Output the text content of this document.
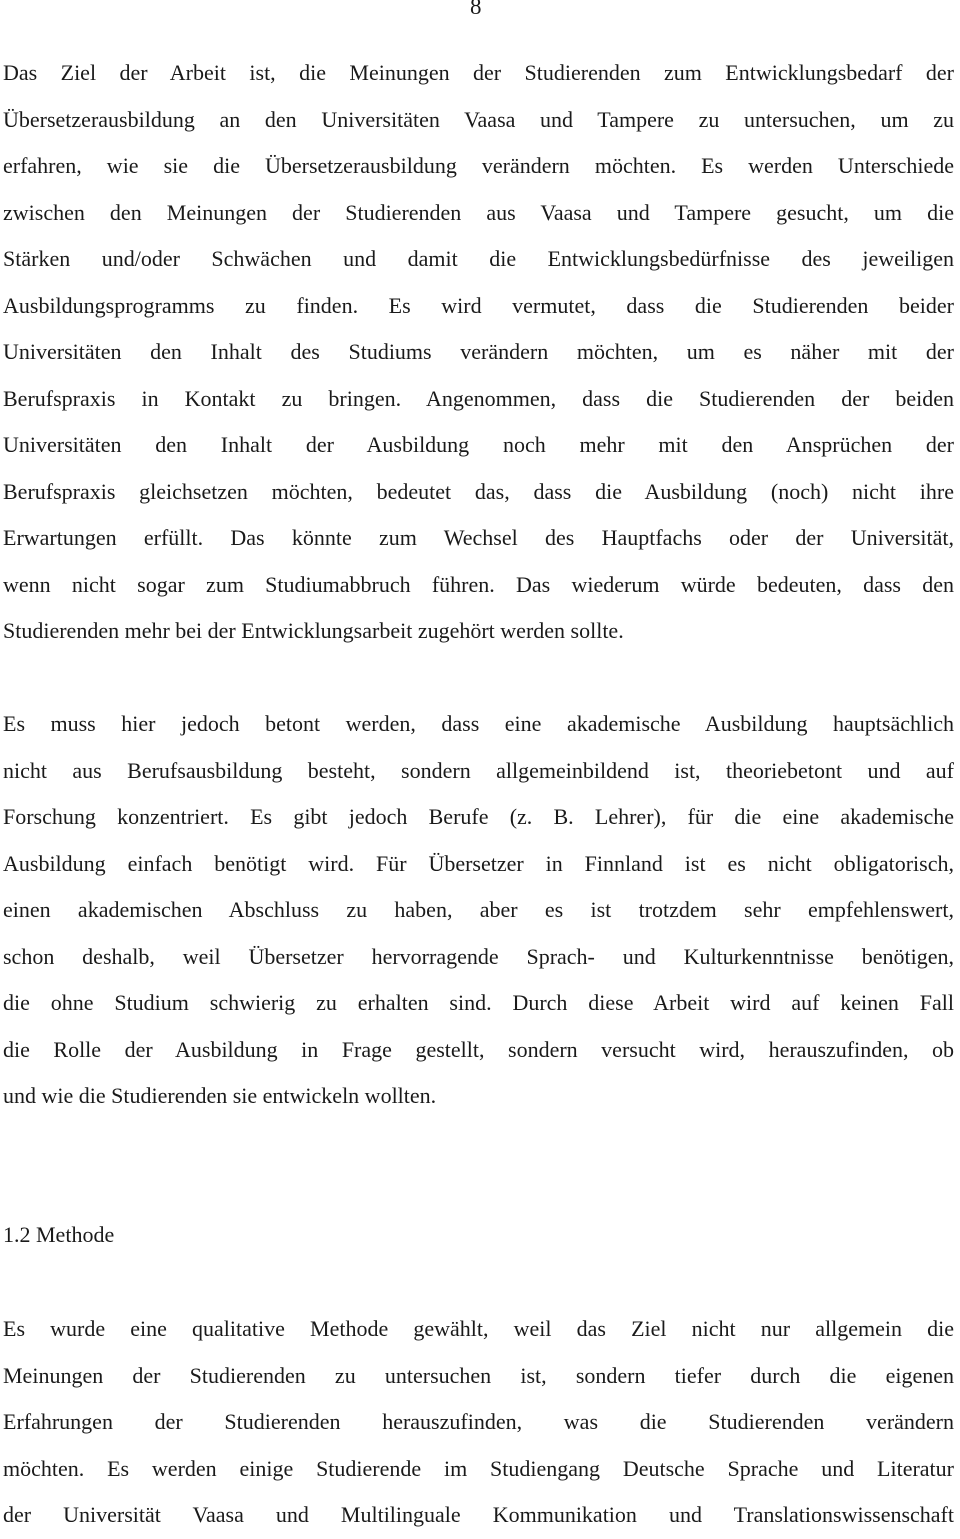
8
Das Ziel der Arbeit ist, die Meinungen der Studierenden zum Entwicklungsbedarf der
Übersetzerausbildung an den Universitäten Vaasa und Tampere zu untersuchen, um zu
erfahren, wie sie die Übersetzerausbildung verändern möchten. Es werden Unterschiede
zwischen den Meinungen der Studierenden aus Vaasa und Tampere gesucht, um die
Stärken und/oder Schwächen und damit die Entwicklungsbedürfnisse des jeweiligen
Ausbildungsprogramms zu finden. Es wird vermutet, dass die Studierenden beider
Universitäten den Inhalt des Studiums verändern möchten, um es näher mit der
Berufspraxis in Kontakt zu bringen. Angenommen, dass die Studierenden der beiden
Universitäten den Inhalt der Ausbildung noch mehr mit den Ansprüchen der
Berufspraxis gleichsetzen möchten, bedeutet das, dass die Ausbildung (noch) nicht ihre
Erwartungen erfüllt. Das könnte zum Wechsel des Hauptfachs oder der Universität,
wenn nicht sogar zum Studiumabbruch führen. Das wiederum würde bedeuten, dass den
Studierenden mehr bei der Entwicklungsarbeit zugehört werden sollte.
Es muss hier jedoch betont werden, dass eine akademische Ausbildung hauptsächlich
nicht aus Berufsausbildung besteht, sondern allgemeinbildend ist, theoriebetont und auf
Forschung konzentriert. Es gibt jedoch Berufe (z. B. Lehrer), für die eine akademische
Ausbildung einfach benötigt wird. Für Übersetzer in Finnland ist es nicht obligatorisch,
einen akademischen Abschluss zu haben, aber es ist trotzdem sehr empfehlenswert,
schon deshalb, weil Übersetzer hervorragende Sprach- und Kulturkenntnisse benötigen,
die ohne Studium schwierig zu erhalten sind. Durch diese Arbeit wird auf keinen Fall
die Rolle der Ausbildung in Frage gestellt, sondern versucht wird, herauszufinden, ob
und wie die Studierenden sie entwickeln wollten.
1.2 Methode
Es wurde eine qualitative Methode gewählt, weil das Ziel nicht nur allgemein die
Meinungen der Studierenden zu untersuchen ist, sondern tiefer durch die eigenen
Erfahrungen der Studierenden herauszufinden, was die Studierenden verändern
möchten. Es werden einige Studierende im Studiengang Deutsche Sprache und Literatur
der Universität Vaasa und Multilinguale Kommunikation und Translationswissenschaft
